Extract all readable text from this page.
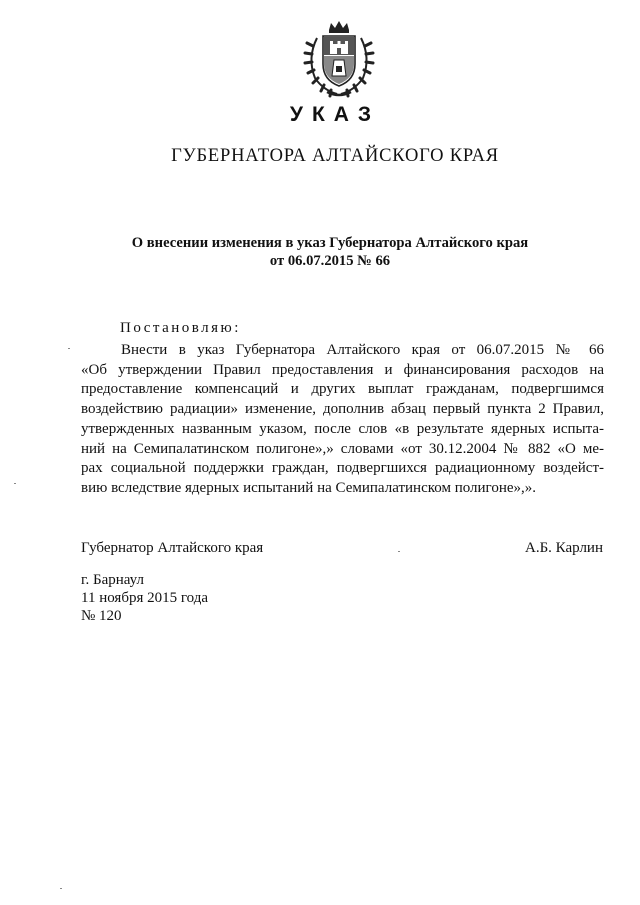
УКАЗ
ГУБЕРНАТОРА АЛТАЙСКОГО КРАЯ
О внесении изменения в указ Губернатора Алтайского края
от 06.07.2015 № 66
Постановляю:
Внести в указ Губернатора Алтайского края от 06.07.2015 № 66
«Об утверждении Правил предоставления и финансирования расходов на
предоставление компенсаций и других выплат гражданам, подвергшимся
воздействию радиации» изменение, дополнив абзац первый пункта 2 Правил,
утвержденных названным указом, после слов «в результате ядерных испыта-
ний на Семипалатинском полигоне»,» словами «от 30.12.2004 № 882 «О ме-
рах социальной поддержки граждан, подвергшихся радиационному воздейст-
вию вследствие ядерных испытаний на Семипалатинском полигоне»,».
Губернатор Алтайского края	А.Б. Карлин
г. Барнаул
11 ноября 2015 года
№ 120
